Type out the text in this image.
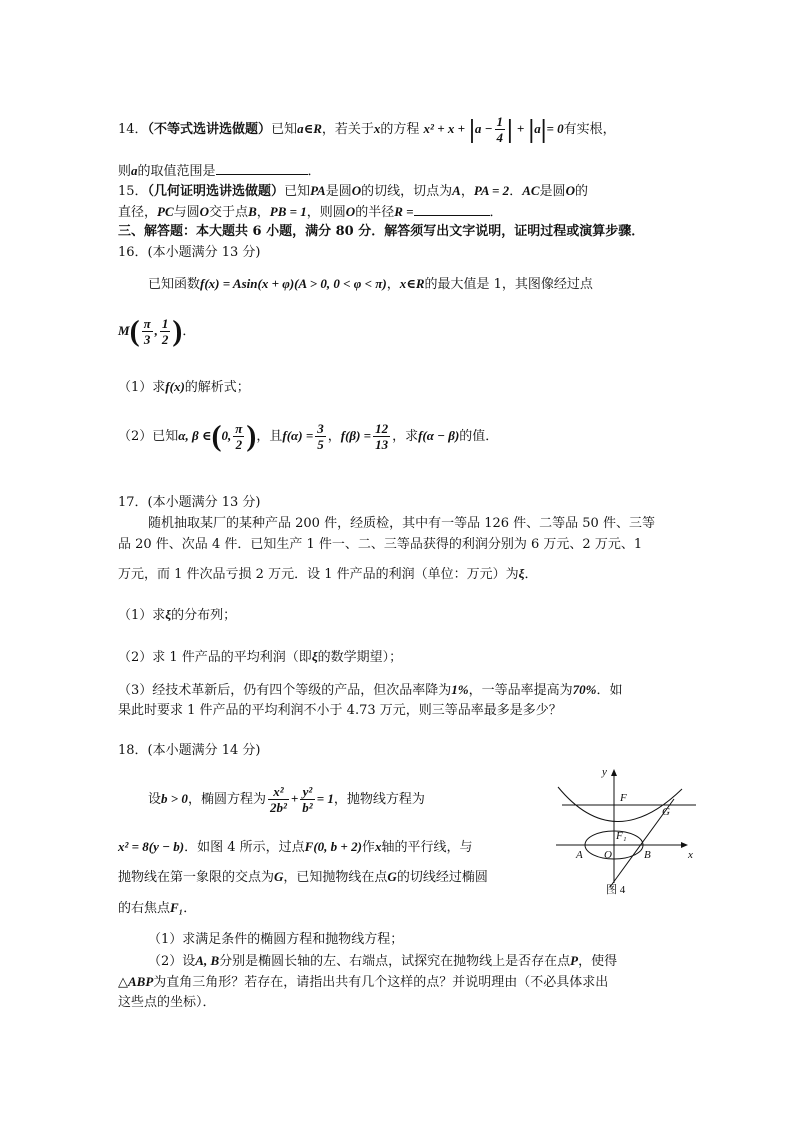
14．（不等式选讲选做题）已知a∈R，若关于x的方程 $x^2 + x + |a - \frac{1}{4}$ | + |a|= 0有实根，
则a的取值范围是	．
15．（几何证明选讲选做题）已知PA是圆O的切线，切点为A，PA = 2．AC是圆O的
直径，PC与圆O交于点B，PB = 1，则圆O的半径R =	．
三、解答题：本大题共 6 小题，满分 80 分．解答须写出文字说明，证明过程或演算步骤．
16．(本小题满分 13 分)
已知函数f(x) = Asin(x + φ)(A > 0, 0 < φ < π)，x∈R的最大值是 1，其图像经过点
$M( \frac{\pi}{3}$ , $\frac{1}{2}$ )．
（1）求f(x)的解析式；
（2）已知α, β ∈(0, $\frac{\pi}{2}$ )，且$f(\alpha) = \frac{3}{5}$ ，$f(\beta) = \frac{12}{13}$ ，求f(α − β)的值．
17．(本小题满分 13 分)
随机抽取某厂的某种产品 200 件，经质检，其中有一等品 126 件、二等品 50 件、三等
品 20 件、次品 4 件．已知生产 1 件一、二、三等品获得的利润分别为 6 万元、2 万元、1
万元，而 1 件次品亏损 2 万元．设 1 件产品的利润（单位：万元）为ξ．
（1）求ξ的分布列；
（2）求 1 件产品的平均利润（即ξ的数学期望）；
（3）经技术革新后，仍有四个等级的产品，但次品率降为1%，一等品率提高为70%．如
果此时要求 1 件产品的平均利润不小于 4.73 万元，则三等品率最多是多少？
18．(本小题满分 14 分)
设b > 0，椭圆方程为 $\frac{\text{x²}}{\text{2b²}} + \frac{\text{y²}}{\text{b²}} = 1$，抛物线方程为
x² = 8(y − b)．如图 4 所示，过点F(0, b + 2)作x轴的平行线，与
抛物线在第一象限的交点为G，已知抛物线在点G的切线经过椭圆
的右焦点F₁．
（1）求满足条件的椭圆方程和抛物线方程；
（2）设A, B分别是椭圆长轴的左、右端点，试探究在抛物线上是否存在点P，使得
△ABP为直角三角形？若存在，请指出共有几个这样的点？并说明理由（不必具体求出
这些点的坐标）．
y
x
F
G
F₁
A O	B
图 4
